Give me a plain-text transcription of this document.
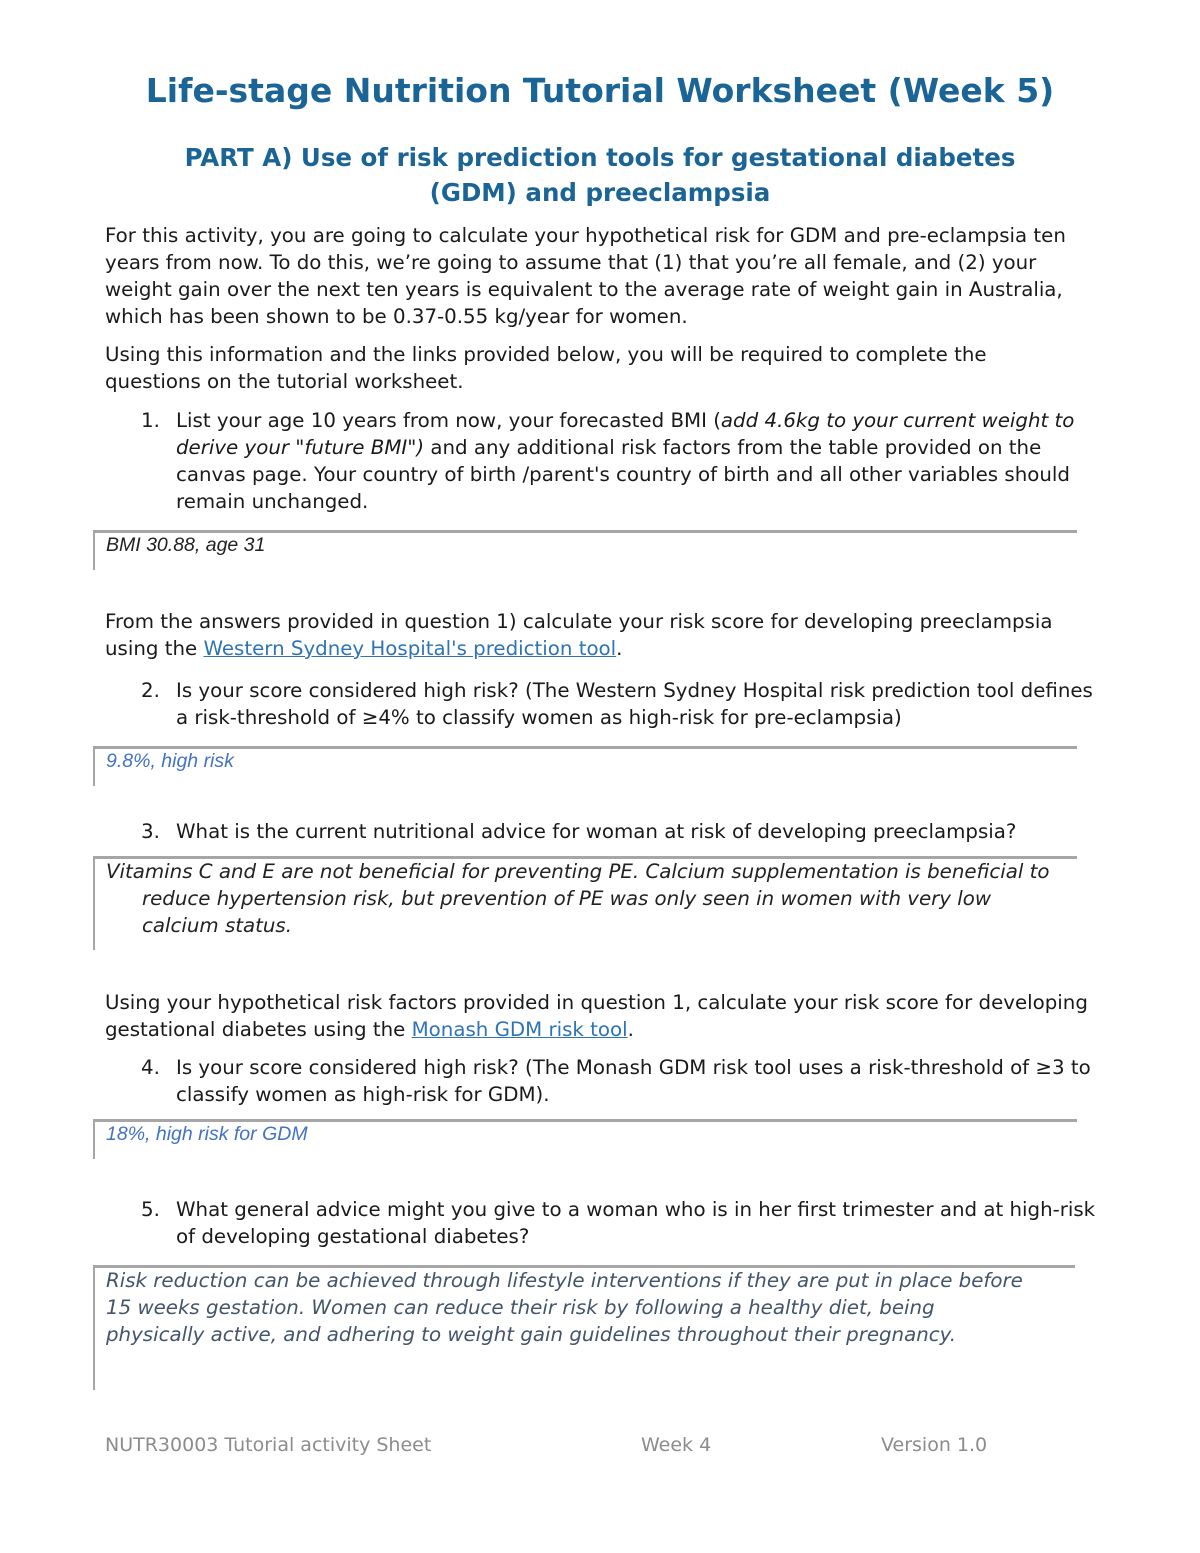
Life-stage Nutrition Tutorial Worksheet (Week 5)
PART A) Use of risk prediction tools for gestational diabetes
(GDM) and preeclampsia

For this activity, you are going to calculate your hypothetical risk for GDM and pre-eclampsia ten years from now. To do this, we’re going to assume that (1) that you’re all female, and (2) your weight gain over the next ten years is equivalent to the average rate of weight gain in Australia, which has been shown to be 0.37-0.55 kg/year for women.

Using this information and the links provided below, you will be required to complete the questions on the tutorial worksheet.

1. List your age 10 years from now, your forecasted BMI (add 4.6kg to your current weight to derive your "future BMI") and any additional risk factors from the table provided on the canvas page. Your country of birth /parent's country of birth and all other variables should remain unchanged.
BMI 30.88, age 31

From the answers provided in question 1) calculate your risk score for developing preeclampsia using the Western Sydney Hospital's prediction tool.

2. Is your score considered high risk? (The Western Sydney Hospital risk prediction tool defines a risk-threshold of ≥4% to classify women as high-risk for pre-eclampsia)
9.8%, high risk
3. What is the current nutritional advice for woman at risk of developing preeclampsia?
Vitamins C and E are not beneficial for preventing PE. Calcium supplementation is beneficial to reduce hypertension risk, but prevention of PE was only seen in women with very low calcium status.

Using your hypothetical risk factors provided in question 1, calculate your risk score for developing gestational diabetes using the Monash GDM risk tool.

4. Is your score considered high risk? (The Monash GDM risk tool uses a risk-threshold of ≥3 to classify women as high-risk for GDM).
18%, high risk for GDM
5. What general advice might you give to a woman who is in her first trimester and at high-risk of developing gestational diabetes?
Risk reduction can be achieved through lifestyle interventions if they are put in place before 15 weeks gestation. Women can reduce their risk by following a healthy diet, being physically active, and adhering to weight gain guidelines throughout their pregnancy.
NUTR30003 Tutorial activity Sheet	Week 4	Version 1.0
